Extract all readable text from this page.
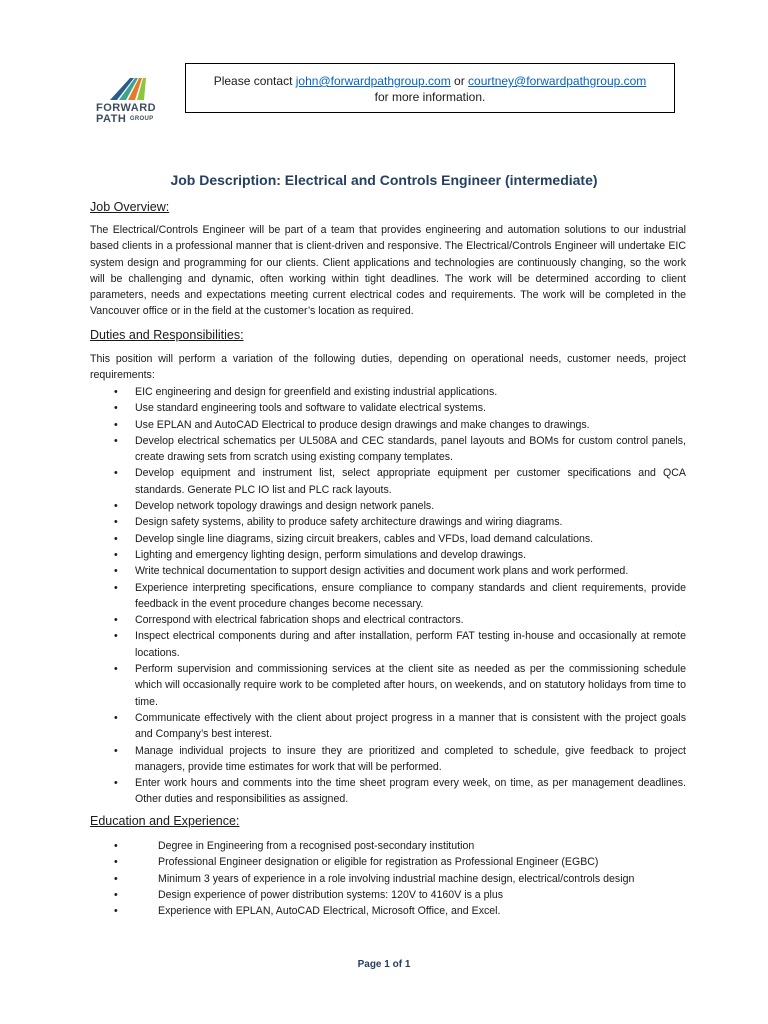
FORWARD
PATH $^{GROUP}$
Please contact john@forwardpathgroup.com or courtney@forwardpathgroup.com
for more information.
Job Description: Electrical and Controls Engineer (intermediate)
Job Overview:
The Electrical/Controls Engineer will be part of a team that provides engineering and automation solutions to our industrial based clients in a professional manner that is client-driven and responsive. The Electrical/Controls Engineer will undertake EIC system design and programming for our clients. Client applications and technologies are continuously changing, so the work will be challenging and dynamic, often working within tight deadlines. The work will be determined according to client parameters, needs and expectations meeting current electrical codes and requirements. The work will be completed in the Vancouver office or in the field at the customer’s location as required.
Duties and Responsibilities:
This position will perform a variation of the following duties, depending on operational needs, customer needs, project requirements:
• EIC engineering and design for greenfield and existing industrial applications.
• Use standard engineering tools and software to validate electrical systems.
• Use EPLAN and AutoCAD Electrical to produce design drawings and make changes to drawings.
• Develop electrical schematics per UL508A and CEC standards, panel layouts and BOMs for custom control panels, create drawing sets from scratch using existing company templates.
• Develop equipment and instrument list, select appropriate equipment per customer specifications and QCA standards. Generate PLC IO list and PLC rack layouts.
• Develop network topology drawings and design network panels.
• Design safety systems, ability to produce safety architecture drawings and wiring diagrams.
• Develop single line diagrams, sizing circuit breakers, cables and VFDs, load demand calculations.
• Lighting and emergency lighting design, perform simulations and develop drawings.
• Write technical documentation to support design activities and document work plans and work performed.
• Experience interpreting specifications, ensure compliance to company standards and client requirements, provide feedback in the event procedure changes become necessary.
• Correspond with electrical fabrication shops and electrical contractors.
• Inspect electrical components during and after installation, perform FAT testing in-house and occasionally at remote locations.
• Perform supervision and commissioning services at the client site as needed as per the commissioning schedule which will occasionally require work to be completed after hours, on weekends, and on statutory holidays from time to time.
• Communicate effectively with the client about project progress in a manner that is consistent with the project goals and Company’s best interest.
• Manage individual projects to insure they are prioritized and completed to schedule, give feedback to project managers, provide time estimates for work that will be performed.
• Enter work hours and comments into the time sheet program every week, on time, as per management deadlines. Other duties and responsibilities as assigned.
Education and Experience:
• Degree in Engineering from a recognised post-secondary institution
• Professional Engineer designation or eligible for registration as Professional Engineer (EGBC)
• Minimum 3 years of experience in a role involving industrial machine design, electrical/controls design
• Design experience of power distribution systems: 120V to 4160V is a plus
• Experience with EPLAN, AutoCAD Electrical, Microsoft Office, and Excel.
Page 1 of 1
